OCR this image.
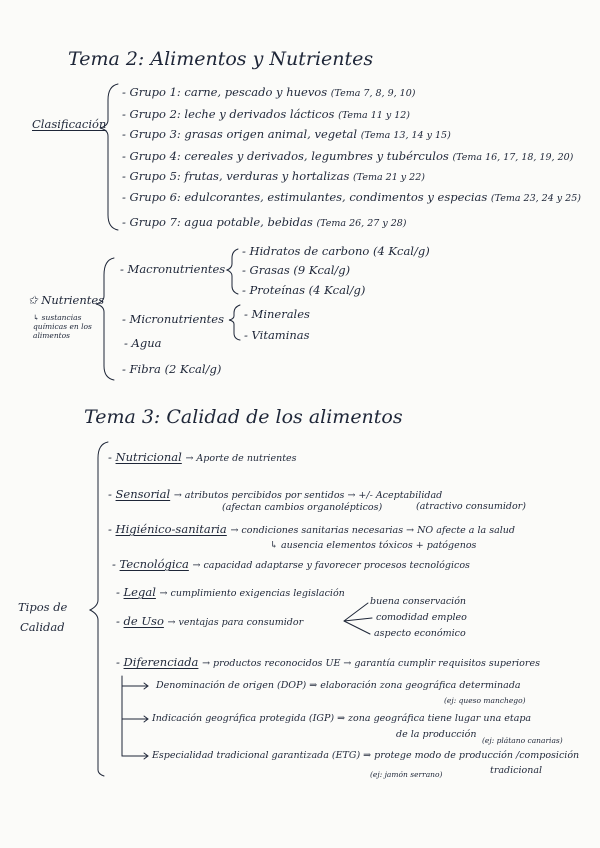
Tema 2: Alimentos y Nutrientes
Clasificación
- Grupo 1: carne, pescado y huevos (Tema 7, 8, 9, 10)
- Grupo 2: leche y derivados lácticos (Tema 11 y 12)
- Grupo 3: grasas origen animal, vegetal (Tema 13, 14 y 15)
- Grupo 4: cereales y derivados, legumbres y tubérculos (Tema 16, 17, 18, 19, 20)
- Grupo 5: frutas, verduras y hortalizas (Tema 21 y 22)
- Grupo 6: edulcorantes, estimulantes, condimentos y especias (Tema 23, 24 y 25)
- Grupo 7: agua potable, bebidas (Tema 26, 27 y 28)
✩ Nutrientes
↳ sustancias químicas en los alimentos
- Macronutrientes
- Hidratos de carbono (4 Kcal/g)
- Grasas (9 Kcal/g)
- Proteínas (4 Kcal/g)
- Micronutrientes - Minerales
- Vitaminas
- Agua
- Fibra (2 Kcal/g)
Tema 3: Calidad de los alimentos
Tipos de
Calidad
- Nutricional → Aporte de nutrientes
- Sensorial → atributos percibidos por sentidos → +/- Aceptabilidad
(afectan cambios organolépticos)	(atractivo consumidor)
- Higiénico-sanitaria → condiciones sanitarias necesarias → NO afecte a la salud
↳ ausencia elementos tóxicos + patógenos
- Tecnológica → capacidad adaptarse y favorecer procesos tecnológicos
- Legal → cumplimiento exigencias legislación
- de Uso → ventajas para consumidor
buena conservación
comodidad empleo
aspecto económico
- Diferenciada → productos reconocidos UE → garantía cumplir requisitos superiores
Denominación de origen (DOP) ⇒ elaboración zona geográfica determinada
(ej: queso manchego)
Indicación geográfica protegida (IGP) ⇒ zona geográfica tiene lugar una etapa
de la producción
(ej: plátano canarias)
Especialidad tradicional garantizada (ETG) ⇒ protege modo de producción /composición
tradicional
(ej: jamón serrano)
